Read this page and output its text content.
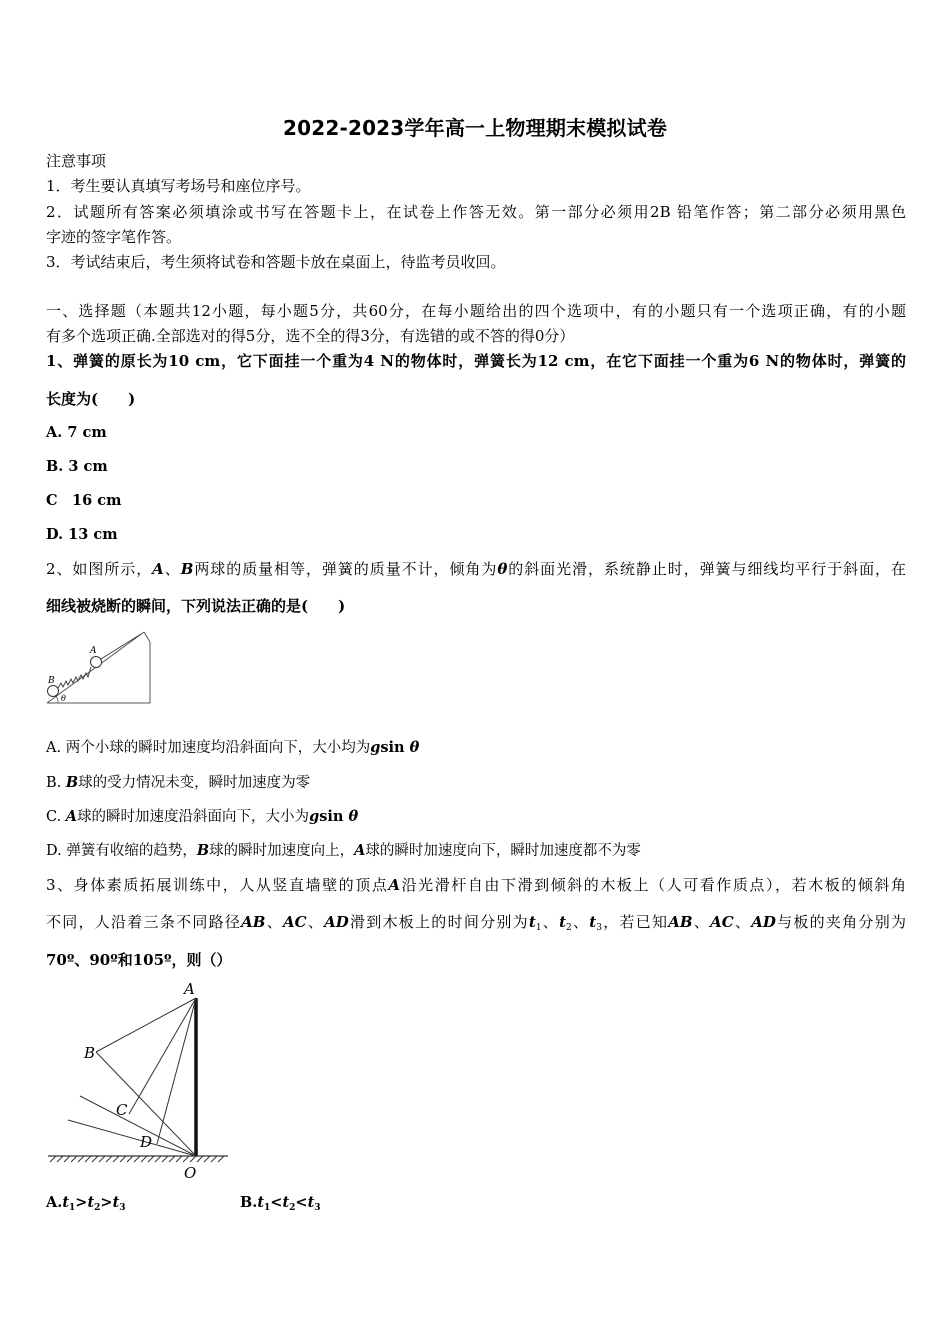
2022-2023学年高一上物理期末模拟试卷
注意事项
1．考生要认真填写考场号和座位序号。
2．试题所有答案必须填涂或书写在答题卡上，在试卷上作答无效。第一部分必须用2B 铅笔作答；第二部分必须用黑色
字迹的签字笔作答。
3．考试结束后，考生须将试卷和答题卡放在桌面上，待监考员收回。
一、选择题（本题共12小题，每小题5分，共60分，在每小题给出的四个选项中，有的小题只有一个选项正确，有的小题
有多个选项正确.全部选对的得5分，选不全的得3分，有选错的或不答的得0分）
1、弹簧的原长为10 cm，它下面挂一个重为4 N的物体时，弹簧长为12 cm，在它下面挂一个重为6 N的物体时，弹簧的
长度为(　　)
A. 7 cm
B. 3 cm
C　16 cm
D. 13 cm
2、如图所示，A、B两球的质量相等，弹簧的质量不计，倾角为θ的斜面光滑，系统静止时，弹簧与细线均平行于斜面，在
细线被烧断的瞬间，下列说法正确的是(　　)
A
B
θ
A. 两个小球的瞬时加速度均沿斜面向下，大小均为gsin θ
B. B球的受力情况未变，瞬时加速度为零
C. A球的瞬时加速度沿斜面向下，大小为gsin θ
D. 弹簧有收缩的趋势，B球的瞬时加速度向上，A球的瞬时加速度向下，瞬时加速度都不为零
3、身体素质拓展训练中，人从竖直墙壁的顶点A沿光滑杆自由下滑到倾斜的木板上（人可看作质点），若木板的倾斜角
不同，人沿着三条不同路径AB、AC、AD滑到木板上的时间分别为$t_1$、$t_2$、$t_3$，若已知AB、AC、AD与板的夹角分别为
70º、90º和105º，则（）
A
B
C
D
O
$A.t_1>t_2>t_3$	$B.t_1<t_2<t_3$
